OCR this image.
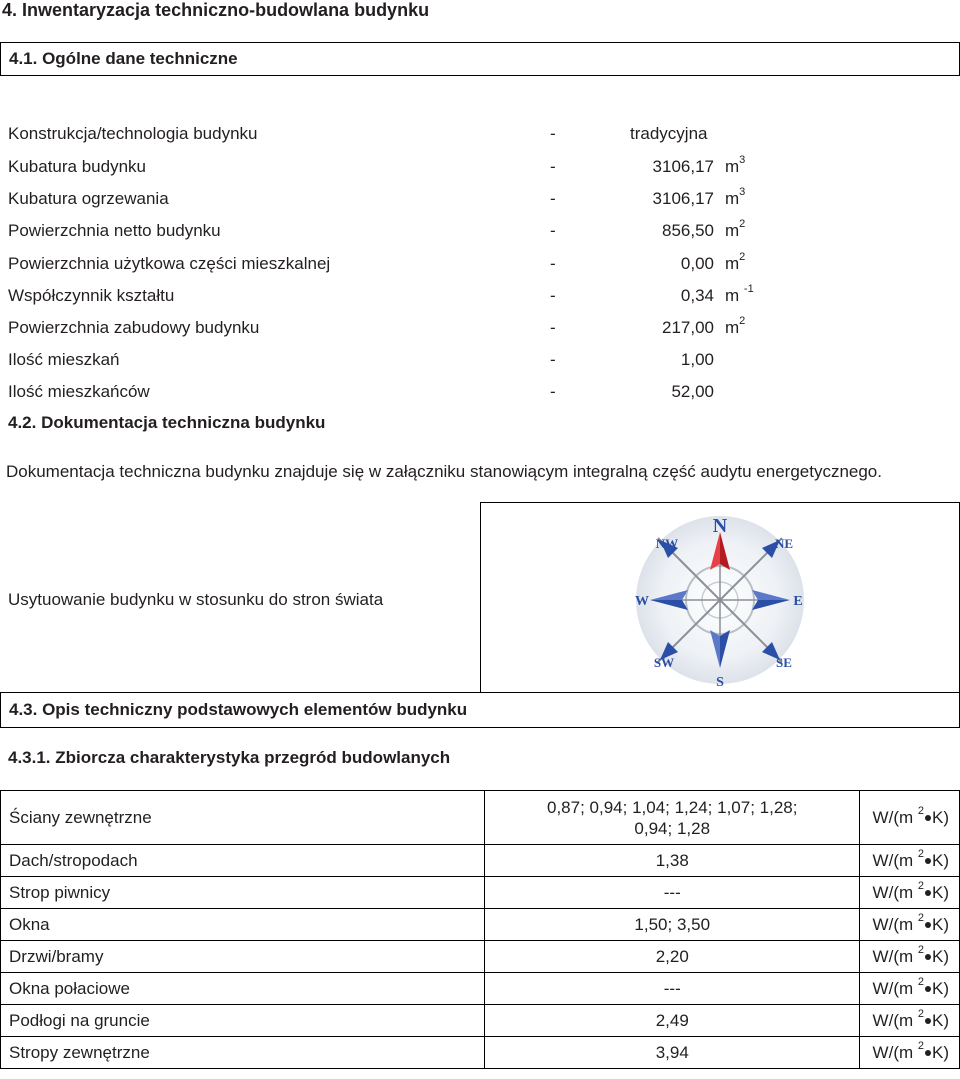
4. Inwentaryzacja techniczno-budowlana budynku
4.1. Ogólne dane techniczne
Konstrukcja/technologia budynku	-	tradycyjna
Kubatura budynku	-	3106,17 $m^3$
Kubatura ogrzewania	-	3106,17 $m^3$
Powierzchnia netto budynku	-	856,50 $m^2$
Powierzchnia użytkowa części mieszkalnej	-	0,00 $m^2$
Współczynnik kształtu	-	0,34 m $^{-1}$
Powierzchnia zabudowy budynku	-	217,00 $m^2$
Ilość mieszkań	-	1,00
Ilość mieszkańców	-	52,00
4.2. Dokumentacja techniczna budynku
Dokumentacja techniczna budynku znajduje się w załączniku stanowiącym integralną część audytu energetycznego.
Usytuowanie budynku w stosunku do stron świata
N
NW	NE
W	E
SW	SE
S
4.3. Opis techniczny podstawowych elementów budynku
4.3.1. Zbiorcza charakterystyka przegród budowlanych
Ściany zewnętrzne	0,87; 0,94; 1,04; 1,24; 1,07; 1,28;
0,94; 1,28	W/(m $^2$ K)
Dach/stropodach	1,38	W/(m $^2$ K)
Strop piwnicy	---	W/(m $^2$ K)
Okna	1,50; 3,50	W/(m $^2$ K)
Drzwi/bramy	2,20	W/(m $^2$ K)
Okna połaciowe	---	W/(m $^2$ K)
Podłogi na gruncie	2,49	W/(m $^2$ K)
Stropy zewnętrzne	3,94	W/(m $^2$ K)
